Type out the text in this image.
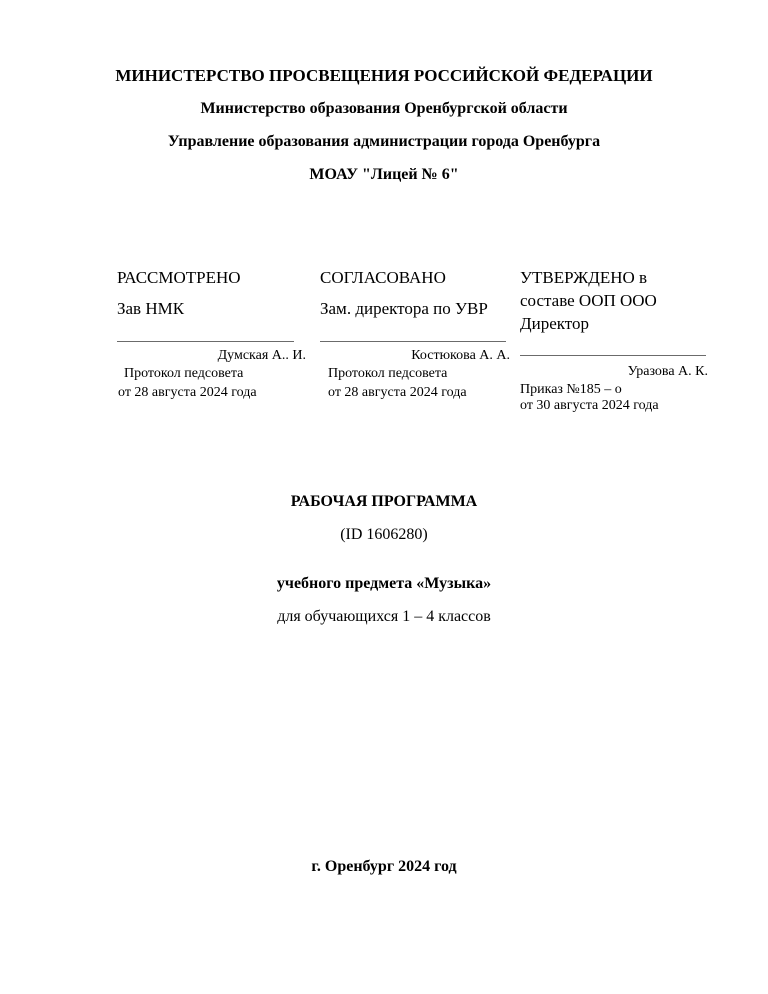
МИНИСТЕРСТВО ПРОСВЕЩЕНИЯ РОССИЙСКОЙ ФЕДЕРАЦИИ
Министерство образования Оренбургской области
Управление образования администрации города Оренбурга
МОАУ "Лицей № 6"
РАССМОТРЕНО
Зав НМК
Думская А.. И.
Протокол педсовета
от 28 августа 2024 года
СОГЛАСОВАНО
Зам. директора по УВР
Костюкова А. А.
Протокол педсовета
от 28 августа 2024 года
УТВЕРЖДЕНО в
составе ООП ООО
Директор
Уразова А. К.
Приказ №185 – о
от 30 августа 2024 года
РАБОЧАЯ ПРОГРАММА
(ID 1606280)
учебного предмета «Музыка»
для обучающихся 1 – 4 классов
г. Оренбург 2024 год
